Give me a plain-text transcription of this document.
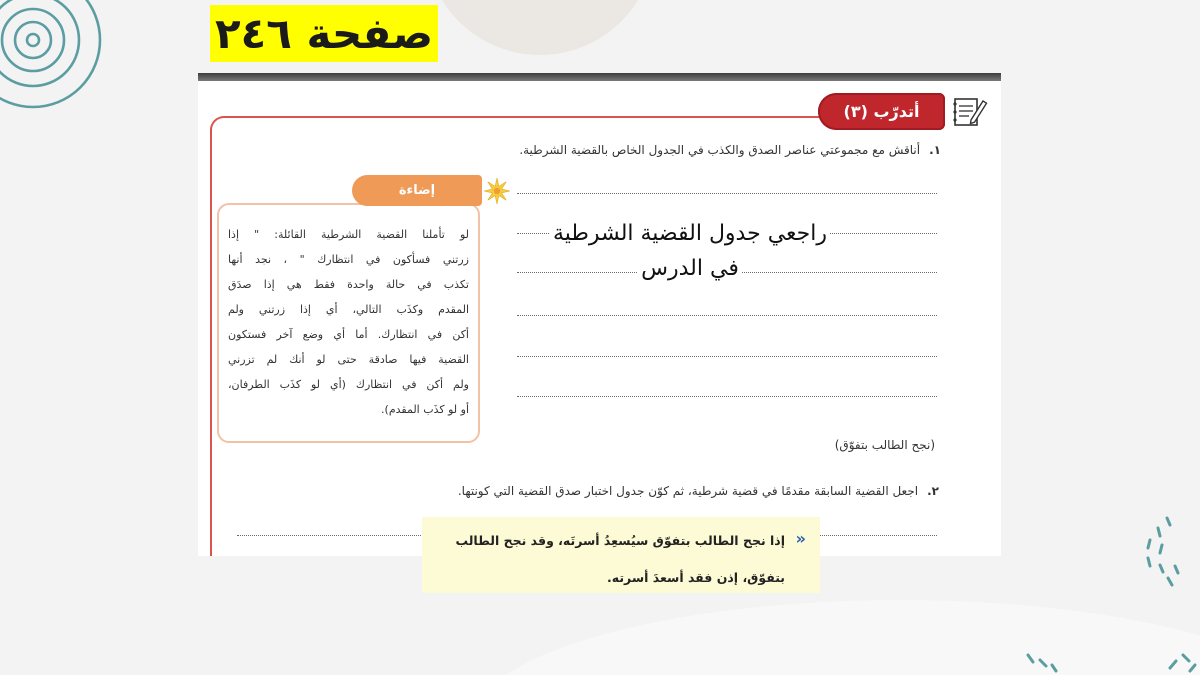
صفحة ٢٤٦
أتدرّب (٣)
١.أناقش مع مجموعتي عناصر الصدق والكذب في الجدول الخاص بالقضية الشرطية.
لو تأملنا القضية الشرطية القائلة: " إذا
زرتني فسأكون في انتظارك " ، نجد أنها
تكذب في حالة واحدة فقط هي إذا صدَق
المقدم وكذَب التالي، أي إذا زرتني ولم
أكن في انتظارك. أما أي وضع آخر فستكون
القضية فيها صادقة حتى لو أنك لم تزرني
ولم أكن في انتظارك (أي لو كذَب الطرفان،
أو لو كذَب المقدم).
إضاءة
راجعي جدول القضية الشرطية
في الدرس
(نجح الطالب بتفوّق)
٢.اجعل القضية السابقة مقدمًا في قضية شرطية، ثم كوّن جدول اختبار صدق القضية التي كونتها.
»
إذا نجح الطالب بتفوّق سيُسعِدُ أسرتَه، وقد نجح الطالب
بتفوّق، إذن فقد أسعدَ أسرته.
